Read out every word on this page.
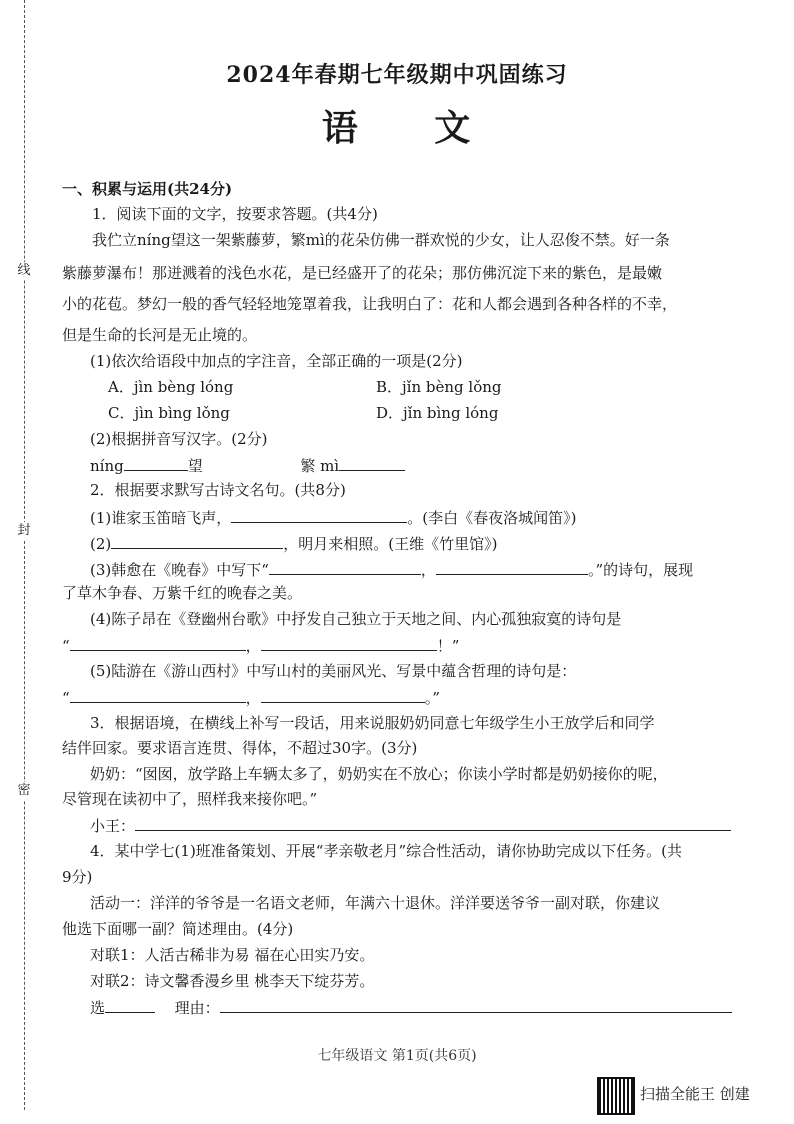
线
封
密
2024年春期七年级期中巩固练习
语 文
一、积累与运用(共24分)
1．阅读下面的文字，按要求答题。(共4分)
我伫立níng望这一架紫藤萝，繁mì的花朵仿佛一群欢悦的少女，让人忍俊不禁。好一条
紫藤萝瀑布！那迸溅着的浅色水花，是已经盛开了的花朵；那仿佛沉淀下来的紫色，是最嫩
小的花苞。梦幻一般的香气轻轻地笼罩着我，让我明白了：花和人都会遇到各种各样的不幸，
但是生命的长河是无止境的。
(1)依次给语段中加点的字注音，全部正确的一项是(2分)
A．jìn bèng lóng	B．jǐn bèng lǒng
C．jìn bìng lǒng	D．jǐn bìng lóng
(2)根据拼音写汉字。(2分)
níng	望	繁 mì
2．根据要求默写古诗文名句。(共8分)
(1)谁家玉笛暗飞声，	。(李白《春夜洛城闻笛》)
(2)	，明月来相照。(王维《竹里馆》)
(3)韩愈在《晚春》中写下“	，	。”的诗句，展现
了草木争春、万紫千红的晚春之美。
(4)陈子昂在《登幽州台歌》中抒发自己独立于天地之间、内心孤独寂寞的诗句是
“	，	！”
(5)陆游在《游山西村》中写山村的美丽风光、写景中蕴含哲理的诗句是：
“	，	。”
3．根据语境，在横线上补写一段话，用来说服奶奶同意七年级学生小王放学后和同学
结伴回家。要求语言连贯、得体，不超过30字。(3分)
奶奶：“囡囡，放学路上车辆太多了，奶奶实在不放心；你读小学时都是奶奶接你的呢，
尽管现在读初中了，照样我来接你吧。”
小王：
4．某中学七(1)班准备策划、开展“孝亲敬老月”综合性活动，请你协助完成以下任务。(共
9分)
活动一：洋洋的爷爷是一名语文老师，年满六十退休。洋洋要送爷爷一副对联，你建议
他选下面哪一副？简述理由。(4分)
对联1：人活古稀非为易 福在心田实乃安。
对联2：诗文馨香漫乡里 桃李天下绽芬芳。
选	理由：
七年级语文 第1页(共6页)
扫描全能王 创建
